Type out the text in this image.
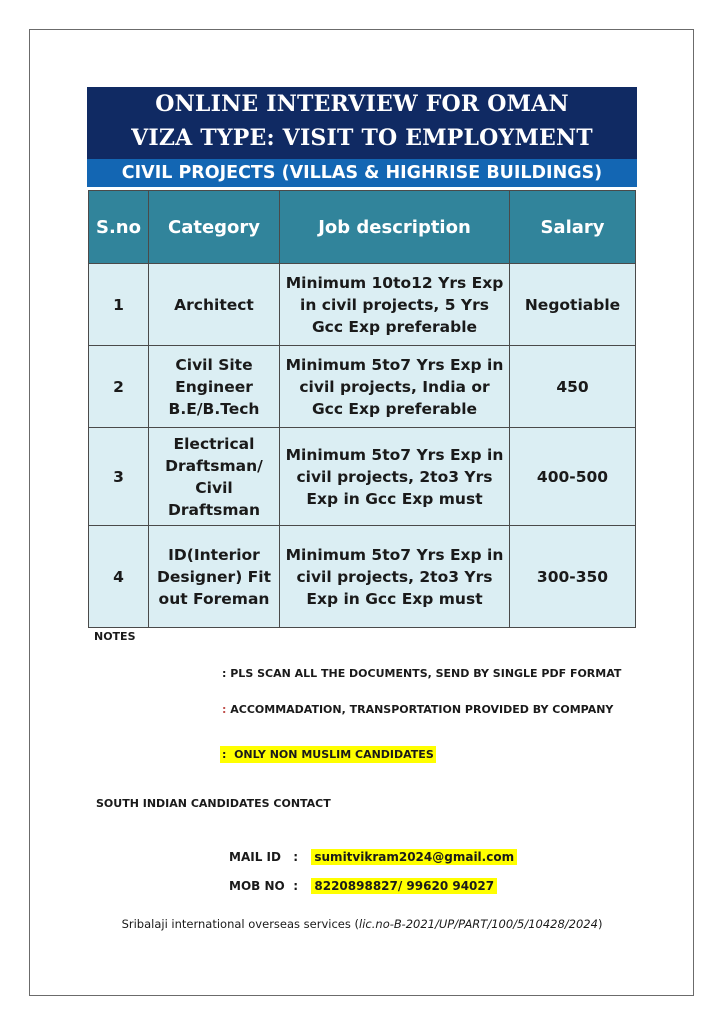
ONLINE INTERVIEW FOR OMAN
VIZA TYPE: VISIT TO EMPLOYMENT
CIVIL PROJECTS (VILLAS & HIGHRISE BUILDINGS)
S.no	Category	Job description	Salary
1	Architect	Minimum 10to12 Yrs Exp in civil projects, 5 Yrs Gcc Exp preferable	Negotiable
2	Civil Site Engineer B.E/B.Tech	Minimum 5to7 Yrs Exp in civil projects, India or Gcc Exp preferable	450
3	Electrical Draftsman/ Civil Draftsman	Minimum 5to7 Yrs Exp in civil projects, 2to3 Yrs Exp in Gcc Exp must	400-500
4	ID(Interior Designer) Fit out Foreman	Minimum 5to7 Yrs Exp in civil projects, 2to3 Yrs Exp in Gcc Exp must	300-350
NOTES
: PLS SCAN ALL THE DOCUMENTS, SEND BY SINGLE PDF FORMAT
: ACCOMMADATION, TRANSPORTATION PROVIDED BY COMPANY
: ONLY NON MUSLIM CANDIDATES
SOUTH INDIAN CANDIDATES CONTACT
MAIL ID : sumitvikram2024@gmail.com
MOB NO : 8220898827/ 99620 94027
Sribalaji international overseas services (lic.no-B-2021/UP/PART/100/5/10428/2024)
